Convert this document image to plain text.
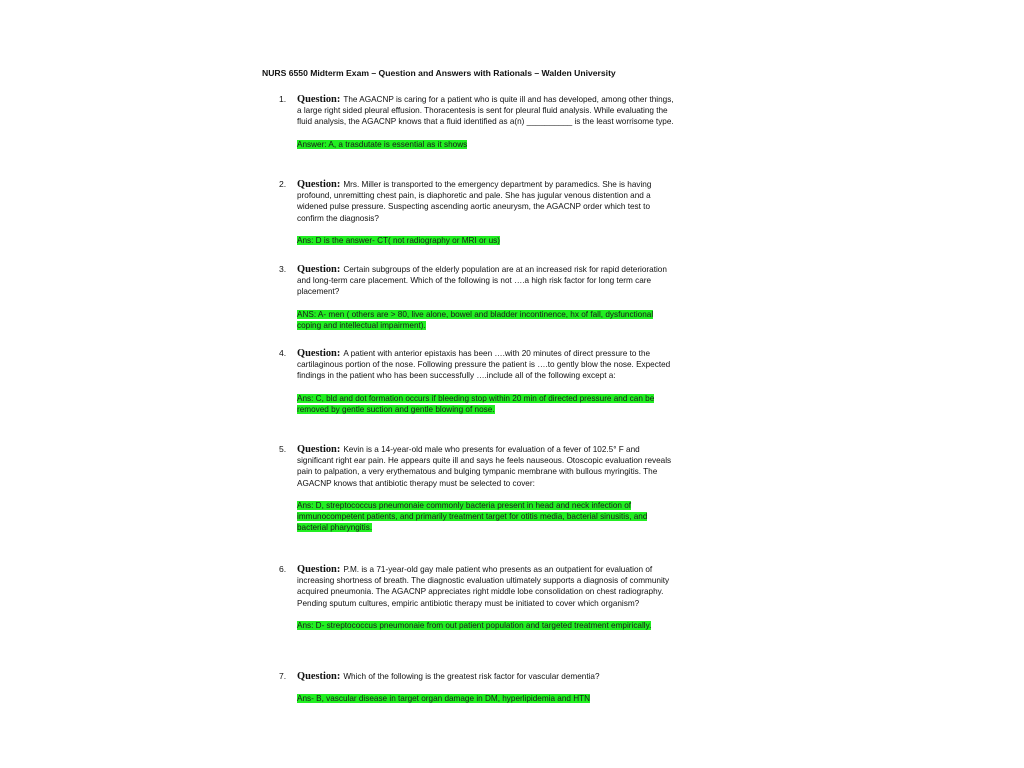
NURS 6550 Midterm Exam – Question and Answers with Rationals – Walden University

1. Question: The AGACNP is caring for a patient who is quite ill and has developed, among other things, a large right sided pleural effusion. Thoracentesis is sent for pleural fluid analysis. While evaluating the fluid analysis, the AGACNP knows that a fluid identified as a(n) __________ is the least worrisome type.

Answer: A, a trasdutate is essential as it shows

2. Question: Mrs. Miller is transported to the emergency department by paramedics. She is having profound, unremitting chest pain, is diaphoretic and pale. She has jugular venous distention and a widened pulse pressure. Suspecting ascending aortic aneurysm, the AGACNP order which test to confirm the diagnosis?

Ans: D is the answer- CT( not radiography or MRI or us)

3. Question: Certain subgroups of the elderly population are at an increased risk for rapid deterioration and long-term care placement. Which of the following is not ….a high risk factor for long term care placement?

ANS: A- men ( others are > 80, live alone, bowel and bladder incontinence, hx of fall, dysfunctional coping and intellectual impairment).

4. Question: A patient with anterior epistaxis has been ….with 20 minutes of direct pressure to the cartilaginous portion of the nose. Following pressure the patient is ….to gently blow the nose. Expected findings in the patient who has been successfully ….include all of the following except a:

Ans: C, bld and dot formation occurs if bleeding stop within 20 min of directed pressure and can be removed by gentle suction and gentle blowing of nose.

5. Question: Kevin is a 14-year-old male who presents for evaluation of a fever of 102.5° F and significant right ear pain. He appears quite ill and says he feels nauseous. Otoscopic evaluation reveals pain to palpation, a very erythematous and bulging tympanic membrane with bullous myringitis. The AGACNP knows that antibiotic therapy must be selected to cover:

Ans: D, streptococcus pneumonaie commonly bacteria present in head and neck infection of immunocompetent patients, and primarily treatment target for otitis media, bacterial sinusitis, and bacterial pharyngitis.

6. Question: P.M. is a 71-year-old gay male patient who presents as an outpatient for evaluation of increasing shortness of breath. The diagnostic evaluation ultimately supports a diagnosis of community acquired pneumonia. The AGACNP appreciates right middle lobe consolidation on chest radiography. Pending sputum cultures, empiric antibiotic therapy must be initiated to cover which organism?

Ans: D- streptococcus pneumonaie from out patient population and targeted treatment empirically.

7. Question: Which of the following is the greatest risk factor for vascular dementia?

Ans- B, vascular disease in target organ damage in DM, hyperlipidemia and HTN
